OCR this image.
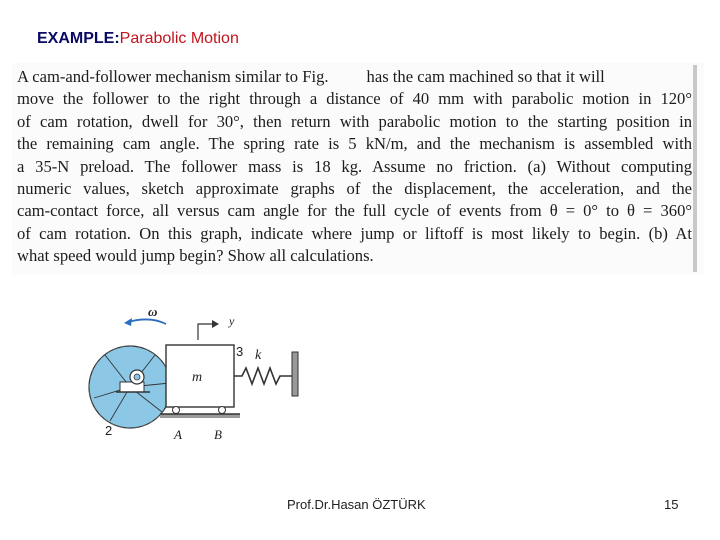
EXAMPLE:Parabolic Motion
A cam-and-follower mechanism similar to Fig. has the cam machined so that it will
move the follower to the right through a distance of 40 mm with parabolic motion in 120°
of cam rotation, dwell for 30°, then return with parabolic motion to the starting position in
the remaining cam angle. The spring rate is 5 kN/m, and the mechanism is assembled with
a 35-N preload. The follower mass is 18 kg. Assume no friction. (a) Without computing
numeric values, sketch approximate graphs of the displacement, the acceleration, and the
cam-contact force, all versus cam angle for the full cycle of events from θ = 0° to θ = 360°
of cam rotation. On this graph, indicate where jump or liftoff is most likely to begin. (b) At
what speed would jump begin? Show all calculations.
ω
m
A B
2
y
3 k
Prof.Dr.Hasan ÖZTÜRK	15
